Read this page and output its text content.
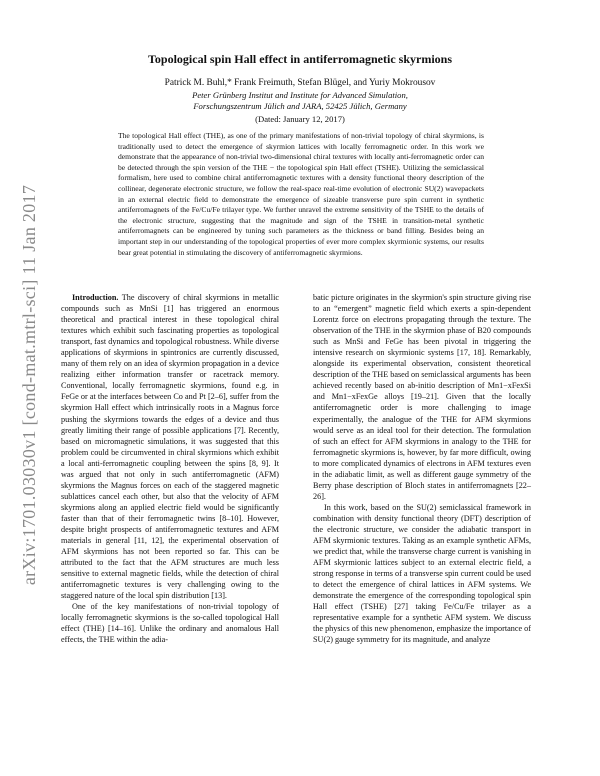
arXiv:1701.03030v1 [cond-mat.mtrl-sci] 11 Jan 2017
Topological spin Hall effect in antiferromagnetic skyrmions
Patrick M. Buhl,* Frank Freimuth, Stefan Blügel, and Yuriy Mokrousov
Peter Grünberg Institut and Institute for Advanced Simulation,
Forschungszentrum Jülich and JARA, 52425 Jülich, Germany
(Dated: January 12, 2017)
The topological Hall effect (THE), as one of the primary manifestations of non-trivial topology of chiral skyrmions, is traditionally used to detect the emergence of skyrmion lattices with locally ferromagnetic order. In this work we demonstrate that the appearance of non-trivial two-dimensional chiral textures with locally anti-ferromagnetic order can be detected through the spin version of the THE − the topological spin Hall effect (TSHE). Utilizing the semiclassical formalism, here used to combine chiral antiferromagnetic textures with a density functional theory description of the collinear, degenerate electronic structure, we follow the real-space real-time evolution of electronic SU(2) wavepackets in an external electric field to demonstrate the emergence of sizeable transverse pure spin current in synthetic antiferromagnets of the Fe/Cu/Fe trilayer type. We further unravel the extreme sensitivity of the TSHE to the details of the electronic structure, suggesting that the magnitude and sign of the TSHE in transition-metal synthetic antiferromagnets can be engineered by tuning such parameters as the thickness or band filling. Besides being an important step in our understanding of the topological properties of ever more complex skyrmionic systems, our results bear great potential in stimulating the discovery of antiferromagnetic skyrmions.

Introduction. The discovery of chiral skyrmions in metallic compounds such as MnSi [1] has triggered an enormous theoretical and practical interest in these topological chiral textures which exhibit such fascinating properties as topological transport, fast dynamics and topological robustness. While diverse applications of skyrmions in spintronics are currently discussed, many of them rely on an idea of skyrmion propagation in a device realizing either information transfer or racetrack memory. Conventional, locally ferromagnetic skyrmions, found e.g. in FeGe or at the interfaces between Co and Pt [2–6], suffer from the skyrmion Hall effect which intrinsically roots in a Magnus force pushing the skyrmions towards the edges of a device and thus greatly limiting their range of possible applications [7]. Recently, based on micromagnetic simulations, it was suggested that this problem could be circumvented in chiral skyrmions which exhibit a local anti-ferromagnetic coupling between the spins [8, 9]. It was argued that not only in such antiferromagnetic (AFM) skyrmions the Magnus forces on each of the staggered magnetic sublattices cancel each other, but also that the velocity of AFM skyrmions along an applied electric field would be significantly faster than that of their ferromagnetic twins [8–10]. However, despite bright prospects of antiferromagnetic textures and AFM materials in general [11, 12], the experimental observation of AFM skyrmions has not been reported so far. This can be attributed to the fact that the AFM structures are much less sensitive to external magnetic fields, while the detection of chiral antiferromagnetic textures is very challenging owing to the staggered nature of the local spin distribution [13].

One of the key manifestations of non-trivial topology of locally ferromagnetic skyrmions is the so-called topological Hall effect (THE) [14–16]. Unlike the ordinary and anomalous Hall effects, the THE within the adia-

batic picture originates in the skyrmion's spin structure giving rise to an “emergent” magnetic field which exerts a spin-dependent Lorentz force on electrons propagating through the texture. The observation of the THE in the skyrmion phase of B20 compounds such as MnSi and FeGe has been pivotal in triggering the intensive research on skyrmionic systems [17, 18]. Remarkably, alongside its experimental observation, consistent theoretical description of the THE based on semiclassical arguments has been achieved recently based on ab-initio description of Mn1−xFexSi and Mn1−xFexGe alloys [19–21]. Given that the locally antiferromagnetic order is more challenging to image experimentally, the analogue of the THE for AFM skyrmions would serve as an ideal tool for their detection. The formulation of such an effect for AFM skyrmions in analogy to the THE for ferromagnetic skyrmions is, however, by far more difficult, owing to more complicated dynamics of electrons in AFM textures even in the adiabatic limit, as well as different gauge symmetry of the Berry phase description of Bloch states in antiferromagnets [22–26].

In this work, based on the SU(2) semiclassical framework in combination with density functional theory (DFT) description of the electronic structure, we consider the adiabatic transport in AFM skyrmionic textures. Taking as an example synthetic AFMs, we predict that, while the transverse charge current is vanishing in AFM skyrmionic lattices subject to an external electric field, a strong response in terms of a transverse spin current could be used to detect the emergence of chiral lattices in AFM systems. We demonstrate the emergence of the corresponding topological spin Hall effect (TSHE) [27] taking Fe/Cu/Fe trilayer as a representative example for a synthetic AFM system. We discuss the physics of this new phenomenon, emphasize the importance of SU(2) gauge symmetry for its magnitude, and analyze
